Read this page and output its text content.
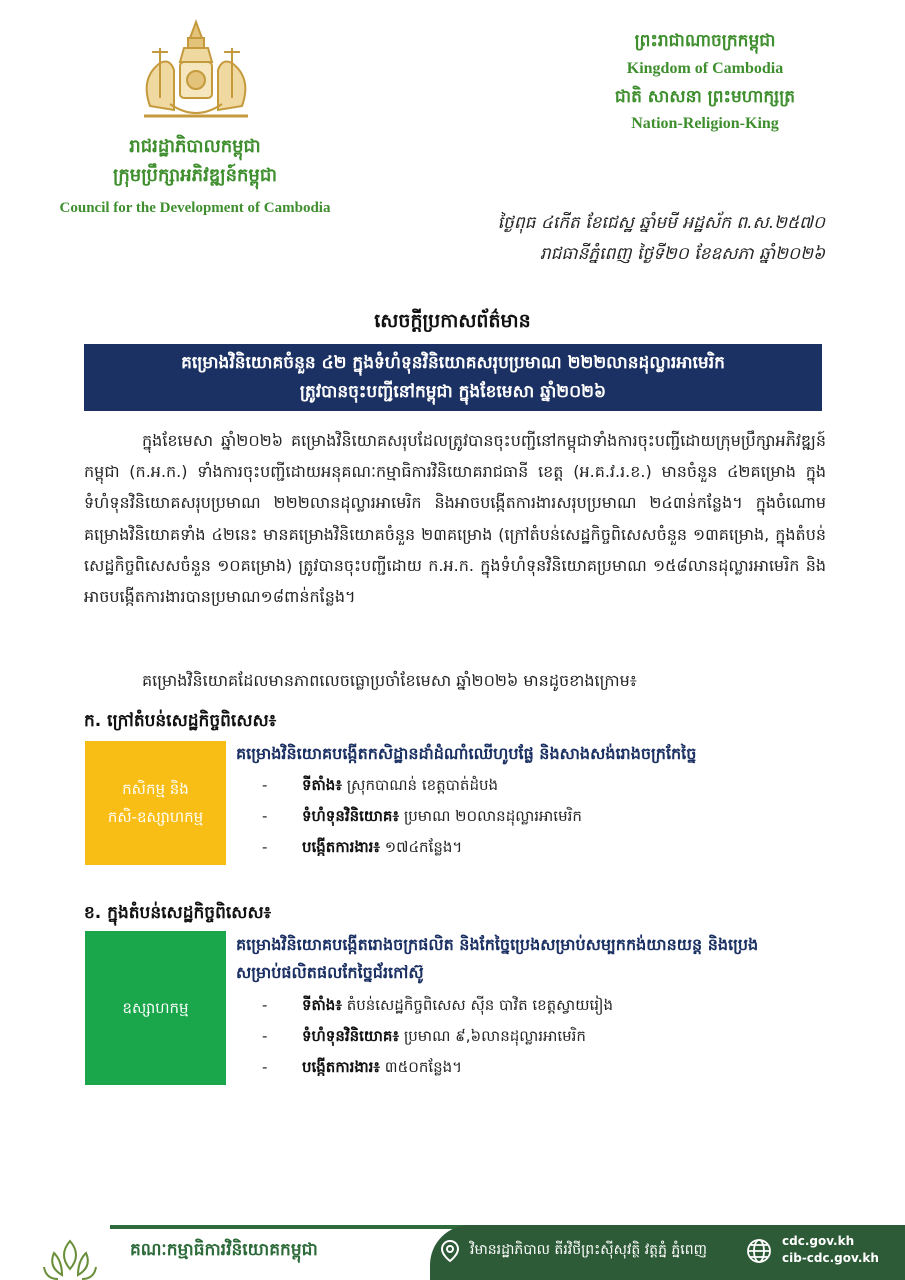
រាជរដ្ឋាភិបាលកម្ពុជា
ក្រុមប្រឹក្សាអភិវឌ្ឍន៍កម្ពុជា
Council for the Development of Cambodia
ព្រះរាជាណាចក្រកម្ពុជា
Kingdom of Cambodia
ជាតិ សាសនា ព្រះមហាក្សត្រ
Nation-Religion-King
ថ្ងៃពុធ ៤កើត ខែជេស្ឋ ឆ្នាំមមី អដ្ឋស័ក ព.ស.២៥៧០
រាជធានីភ្នំពេញ ថ្ងៃទី២០ ខែឧសភា ឆ្នាំ២០២៦
សេចក្តីប្រកាសព័ត៌មាន
គម្រោងវិនិយោគចំនួន ៤២ ក្នុងទំហំទុនវិនិយោគសរុបប្រមាណ ២២២លានដុល្លារអាមេរិក
ត្រូវបានចុះបញ្ជីនៅកម្ពុជា ក្នុងខែមេសា ឆ្នាំ២០២៦
ក្នុងខែមេសា ឆ្នាំ២០២៦ គម្រោងវិនិយោគសរុបដែលត្រូវបានចុះបញ្ជីនៅកម្ពុជាទាំងការចុះបញ្ជីដោយក្រុមប្រឹក្សាអភិវឌ្ឍន៍កម្ពុជា (ក.អ.ក.) ទាំងការចុះបញ្ជីដោយអនុគណៈកម្មាធិការវិនិយោគរាជធានី ខេត្ត (អ.គ.វ.រ.ខ.) មានចំនួន ៤២គម្រោង ក្នុងទំហំទុនវិនិយោគសរុបប្រមាណ ២២២លានដុល្លារអាមេរិក និងអាចបង្កើតការងារសរុបប្រមាណ ២៤៣ន់កន្លែង។ ក្នុងចំណោមគម្រោងវិនិយោគទាំង ៤២នេះ មានគម្រោងវិនិយោគចំនួន ២៣គម្រោង (ក្រៅតំបន់សេដ្ឋកិច្ចពិសេសចំនួន ១៣គម្រោង, ក្នុងតំបន់សេដ្ឋកិច្ចពិសេសចំនួន ១០គម្រោង) ត្រូវបានចុះបញ្ជីដោយ ក.អ.ក. ក្នុងទំហំទុនវិនិយោគប្រមាណ ១៥៨លានដុល្លារអាមេរិក និងអាចបង្កើតការងារបានប្រមាណ១៨ពាន់កន្លែង។
គម្រោងវិនិយោគដែលមានភាពលេចធ្លោប្រចាំខែមេសា ឆ្នាំ២០២៦ មានដូចខាងក្រោម៖
ក. ក្រៅតំបន់សេដ្ឋកិច្ចពិសេស៖
កសិកម្ម និង
កសិ-ឧស្សាហកម្ម
គម្រោងវិនិយោគបង្កើតកសិដ្ឋានដាំដំណាំឈើហូបផ្លែ និងសាងសង់រោងចក្រកែច្នៃ
-	ទីតាំង៖ ស្រុកបាណន់ ខេត្តបាត់ដំបង
-	ទំហំទុនវិនិយោគ៖ ប្រមាណ ២០លានដុល្លារអាមេរិក
-	បង្កើតការងារ៖ ១៧៤កន្លែង។
ខ. ក្នុងតំបន់សេដ្ឋកិច្ចពិសេស៖
ឧស្សាហកម្ម
គម្រោងវិនិយោគបង្កើតរោងចក្រផលិត និងកែច្នៃប្រេងសម្រាប់សម្បកកង់យានយន្ត និងប្រេង
សម្រាប់ផលិតផលកែច្នៃជ័រកៅស៊ូ
-	ទីតាំង៖ តំបន់សេដ្ឋកិច្ចពិសេស ស៊ីន បាវិត ខេត្តស្វាយរៀង
-	ទំហំទុនវិនិយោគ៖ ប្រមាណ ៩,៦លានដុល្លារអាមេរិក
-	បង្កើតការងារ៖ ៣៥០កន្លែង។
គណៈកម្មាធិការវិនិយោគកម្ពុជា	វិមានរដ្ឋាភិបាល តីរវិថីព្រះស៊ីសុវត្ថិ វត្តភ្នំ ភ្នំពេញ
cdc.gov.kh
cib-cdc.gov.kh
